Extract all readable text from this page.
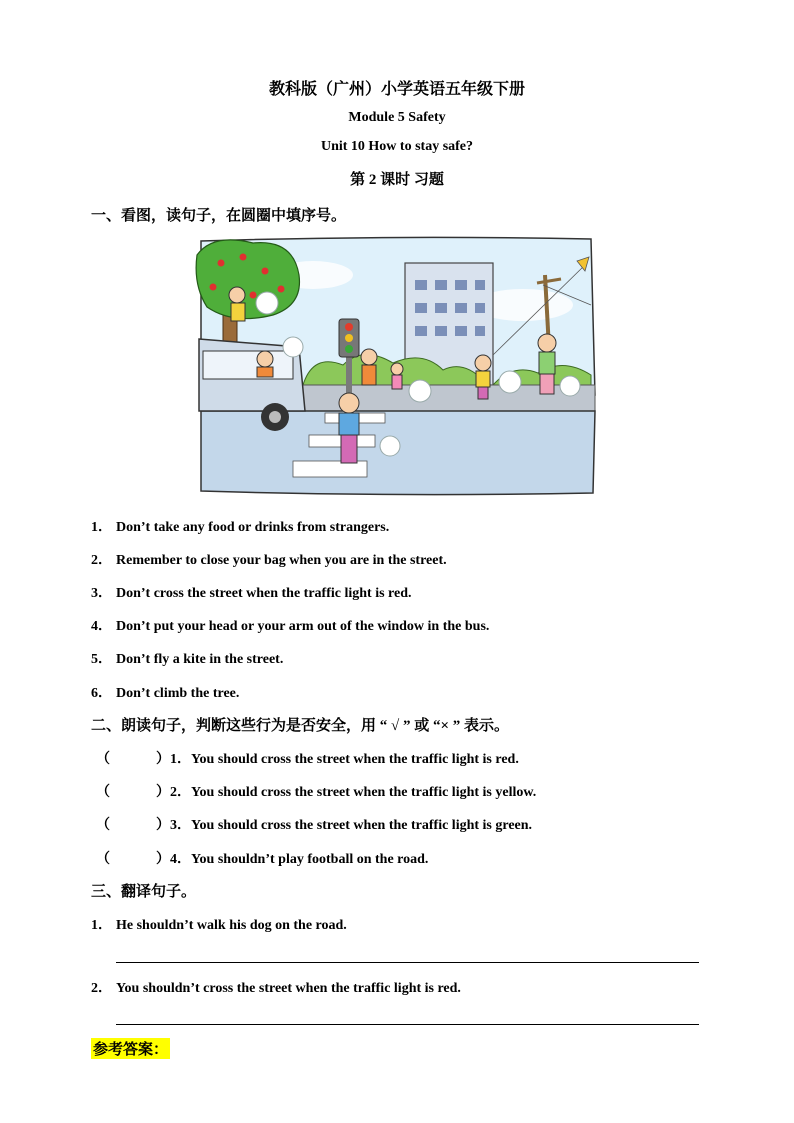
教科版（广州）小学英语五年级下册
Module 5 Safety
Unit 10 How to stay safe?
第 2 课时 习题
一、看图，读句子，在圆圈中填序号。
1． Don’t take any food or drinks from strangers.
2． Remember to close your bag when you are in the street.
3． Don’t cross the street when the traffic light is red.
4． Don’t put your head or your arm out of the window in the bus.
5． Don’t fly a kite in the street.
6． Don’t climb the tree.
二、朗读句子，判断这些行为是否安全，用 “ √ ” 或 “× ” 表示。
（	）1．You should cross the street when the traffic light is red.
（	）2．You should cross the street when the traffic light is yellow.
（	）3．You should cross the street when the traffic light is green.
（	）4．You shouldn’t play football on the road.
三、翻译句子。
1． He shouldn’t walk his dog on the road.
2． You shouldn’t cross the street when the traffic light is red.
参考答案：
